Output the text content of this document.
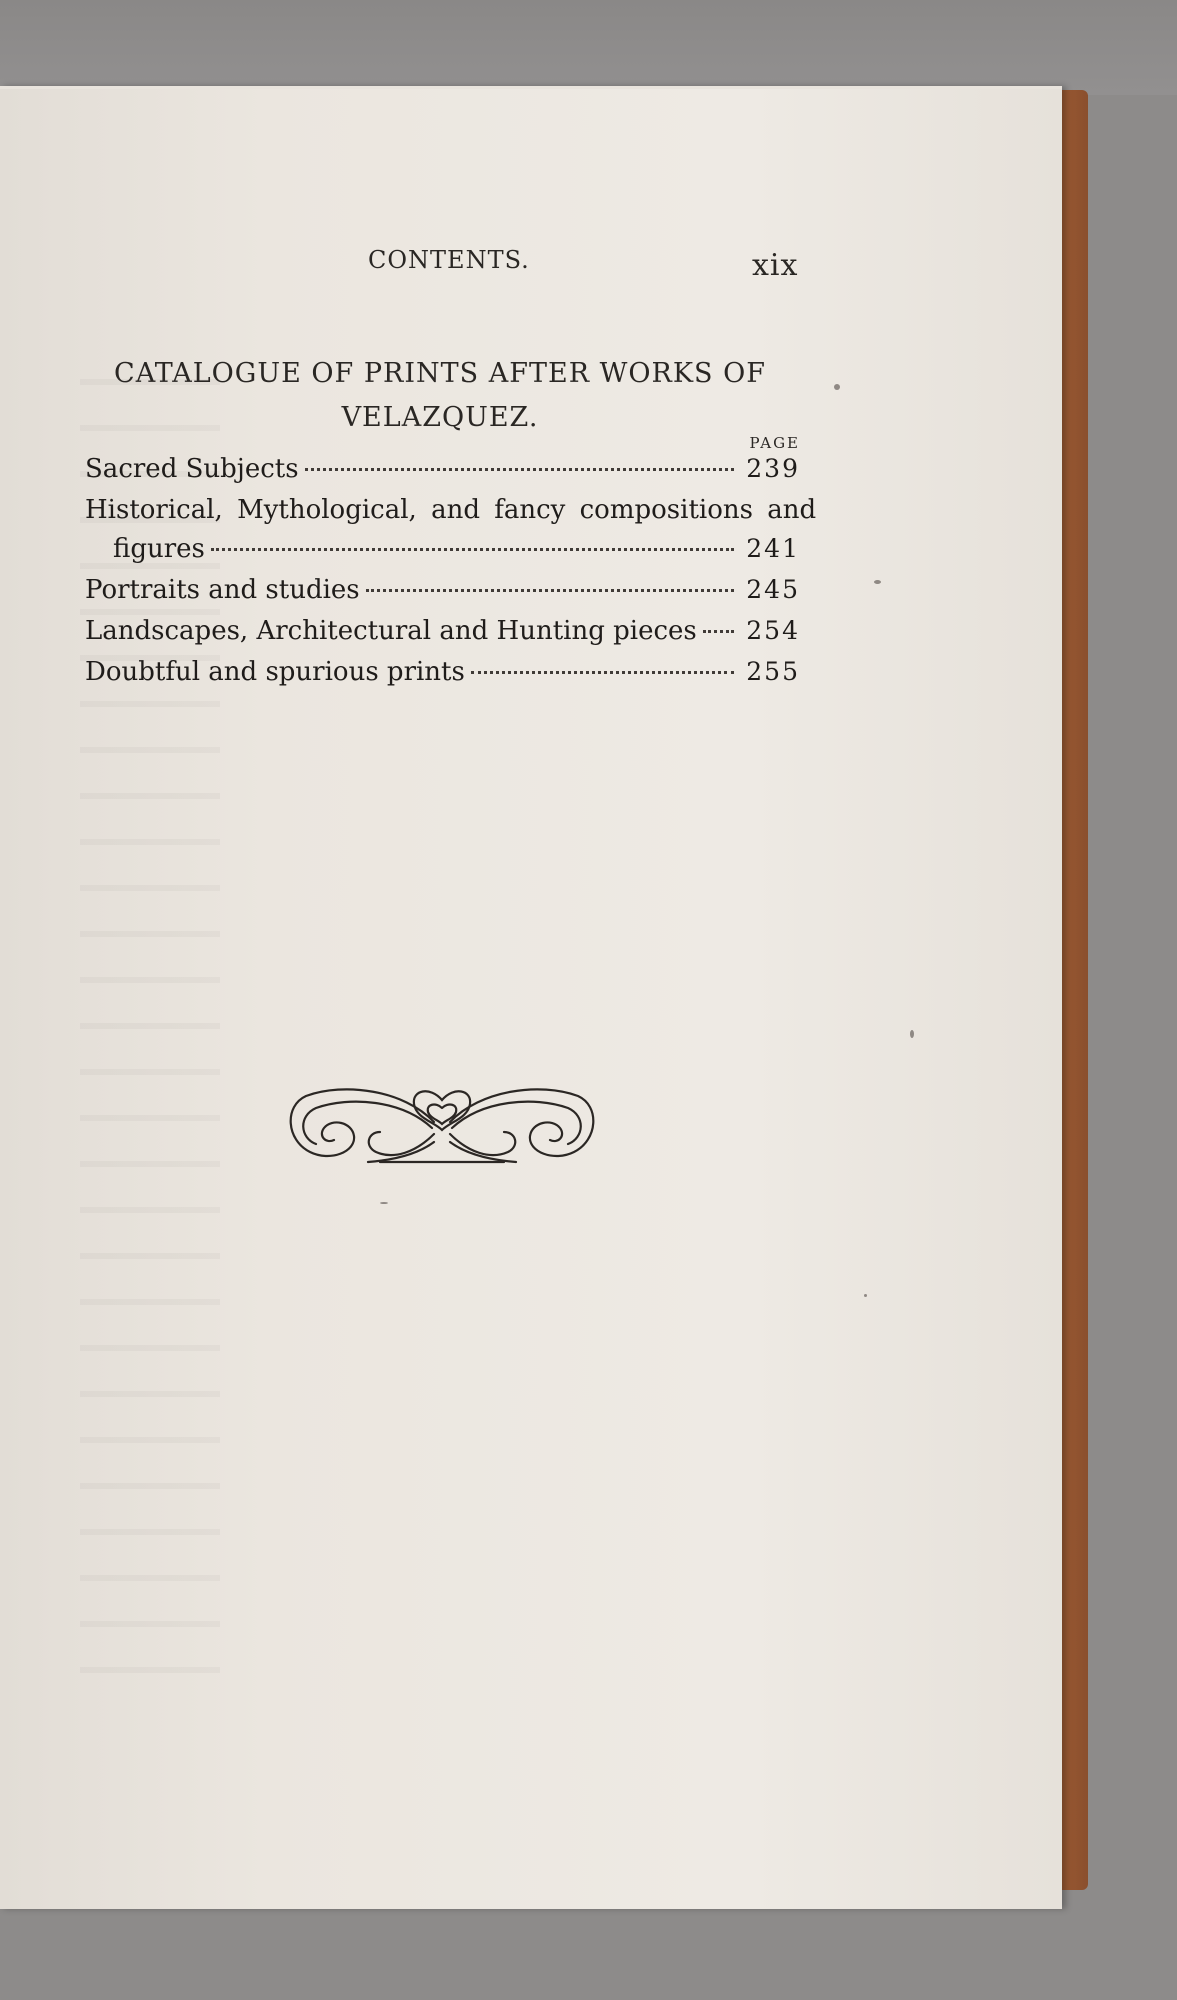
CONTENTS.	xix
CATALOGUE OF PRINTS AFTER WORKS OF
VELAZQUEZ.
PAGE
Sacred Subjects	239
Historical, Mythological, and fancy compositions and
figures	241
Portraits and studies	245
Landscapes, Architectural and Hunting pieces 254
Doubtful and spurious prints	255
